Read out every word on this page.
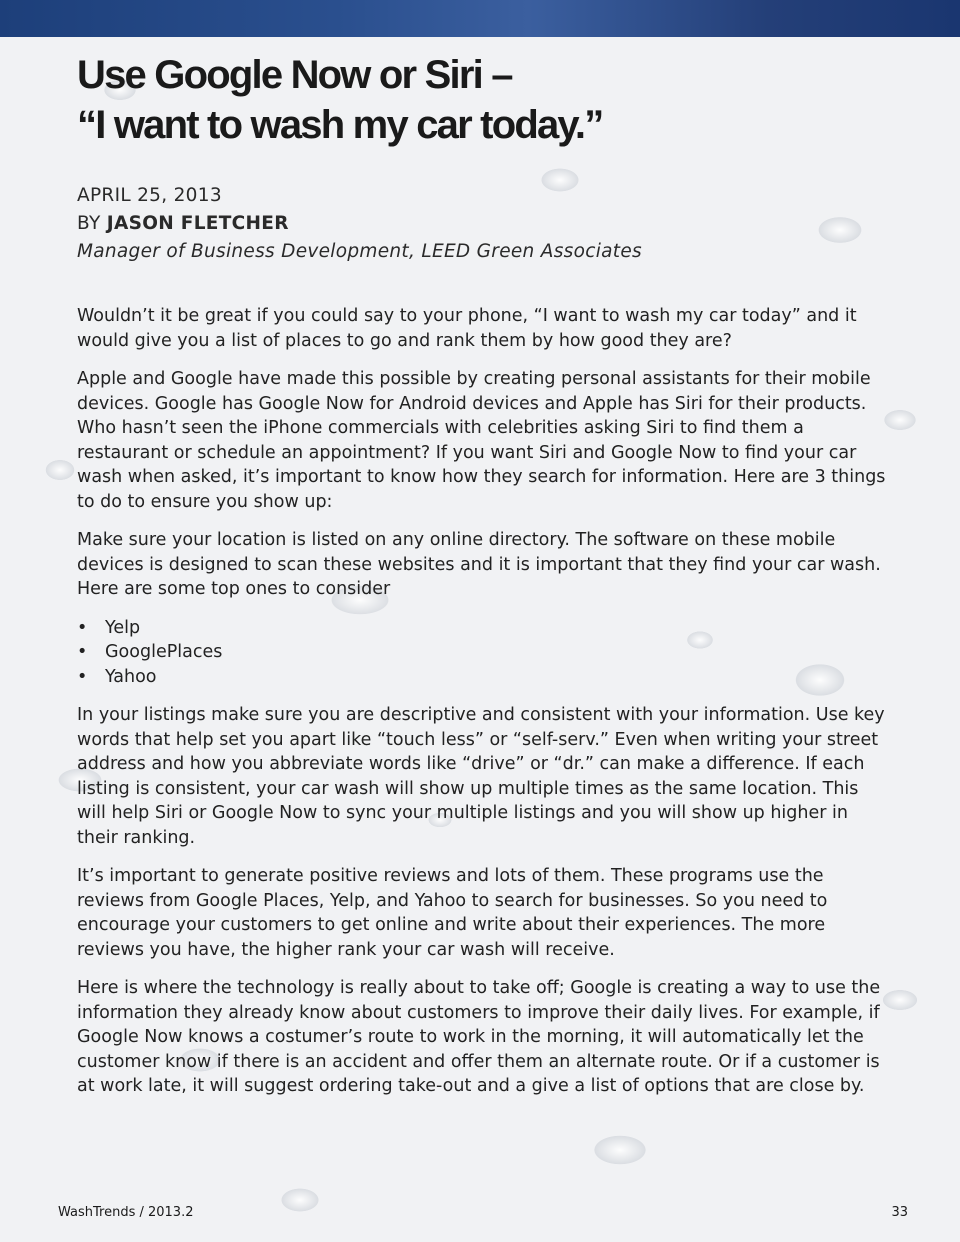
Use Google Now or Siri –
“I want to wash my car today.”
APRIL 25, 2013
BY JASON FLETCHER
Manager of Business Development, LEED Green Associates

Wouldn’t it be great if you could say to your phone, “I want to wash my car today” and it would give you a list of places to go and rank them by how good they are?

Apple and Google have made this possible by creating personal assistants for their mobile devices. Google has Google Now for Android devices and Apple has Siri for their products. Who hasn’t seen the iPhone commercials with celebrities asking Siri to find them a restaurant or schedule an appointment? If you want Siri and Google Now to find your car wash when asked, it’s important to know how they search for information. Here are 3 things to do to ensure you show up:

Make sure your location is listed on any online directory. The software on these mobile devices is designed to scan these websites and it is important that they find your car wash. Here are some top ones to consider

• Yelp
• GooglePlaces
• Yahoo

In your listings make sure you are descriptive and consistent with your information. Use key words that help set you apart like “touch less” or “self-serv.” Even when writing your street address and how you abbreviate words like “drive” or “dr.” can make a difference. If each listing is consistent, your car wash will show up multiple times as the same location. This will help Siri or Google Now to sync your multiple listings and you will show up higher in their ranking.

It’s important to generate positive reviews and lots of them. These programs use the reviews from Google Places, Yelp, and Yahoo to search for businesses. So you need to encourage your customers to get online and write about their experiences. The more reviews you have, the higher rank your car wash will receive.

Here is where the technology is really about to take off; Google is creating a way to use the information they already know about customers to improve their daily lives. For example, if Google Now knows a costumer’s route to work in the morning, it will automatically let the customer know if there is an accident and offer them an alternate route. Or if a customer is at work late, it will suggest ordering take-out and a give a list of options that are close by.

WashTrends / 2013.2	33
